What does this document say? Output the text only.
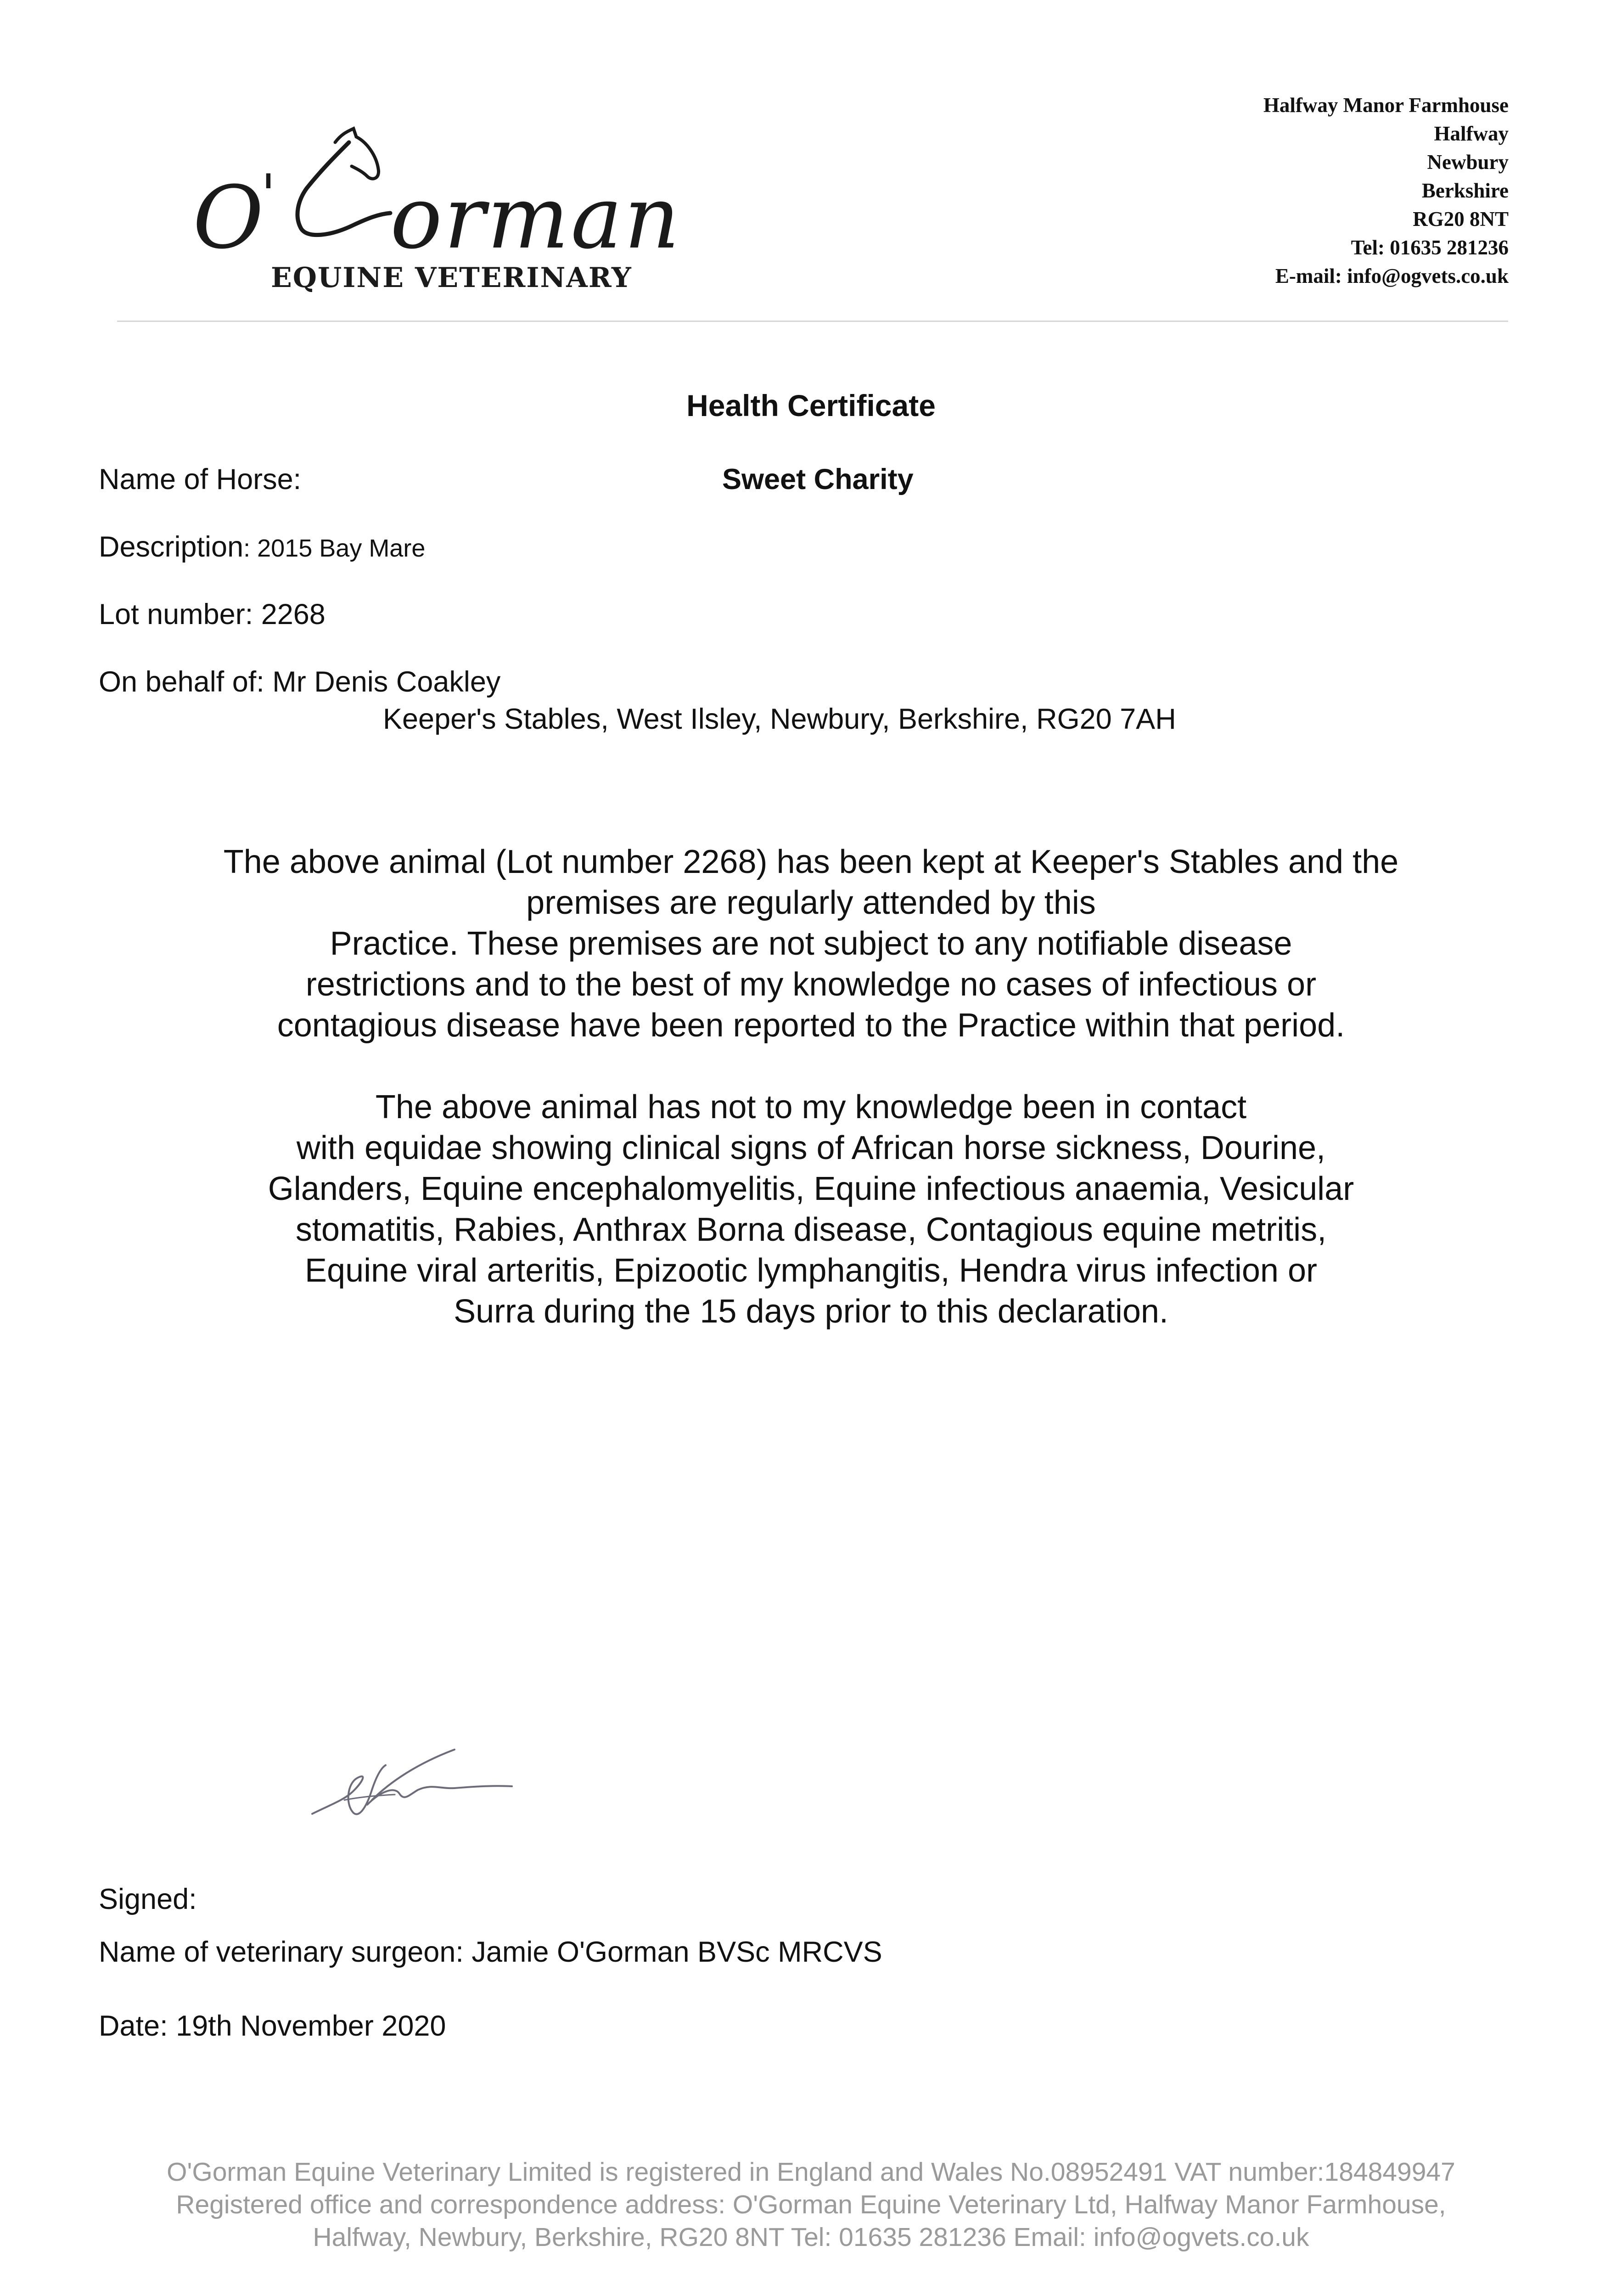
O
' orman
EQUINE VETERINARY
Halfway Manor Farmhouse
Halfway
Newbury
Berkshire
RG20 8NT
Tel: 01635 281236
E-mail: info@ogvets.co.uk
Health Certificate
Name of Horse:	Sweet Charity
Description: 2015 Bay Mare
Lot number: 2268
On behalf of: Mr Denis Coakley
Keeper's Stables, West Ilsley, Newbury, Berkshire, RG20 7AH
The above animal (Lot number 2268) has been kept at Keeper's Stables and the
premises are regularly attended by this
Practice. These premises are not subject to any notifiable disease
restrictions and to the best of my knowledge no cases of infectious or
contagious disease have been reported to the Practice within that period.
The above animal has not to my knowledge been in contact
with equidae showing clinical signs of African horse sickness, Dourine,
Glanders, Equine encephalomyelitis, Equine infectious anaemia, Vesicular
stomatitis, Rabies, Anthrax Borna disease, Contagious equine metritis,
Equine viral arteritis, Epizootic lymphangitis, Hendra virus infection or
Surra during the 15 days prior to this declaration.
Signed:
Name of veterinary surgeon: Jamie O'Gorman BVSc MRCVS
Date: 19th November 2020
O'Gorman Equine Veterinary Limited is registered in England and Wales No.08952491 VAT number:184849947
Registered office and correspondence address: O'Gorman Equine Veterinary Ltd, Halfway Manor Farmhouse,
Halfway, Newbury, Berkshire, RG20 8NT Tel: 01635 281236 Email: info@ogvets.co.uk
